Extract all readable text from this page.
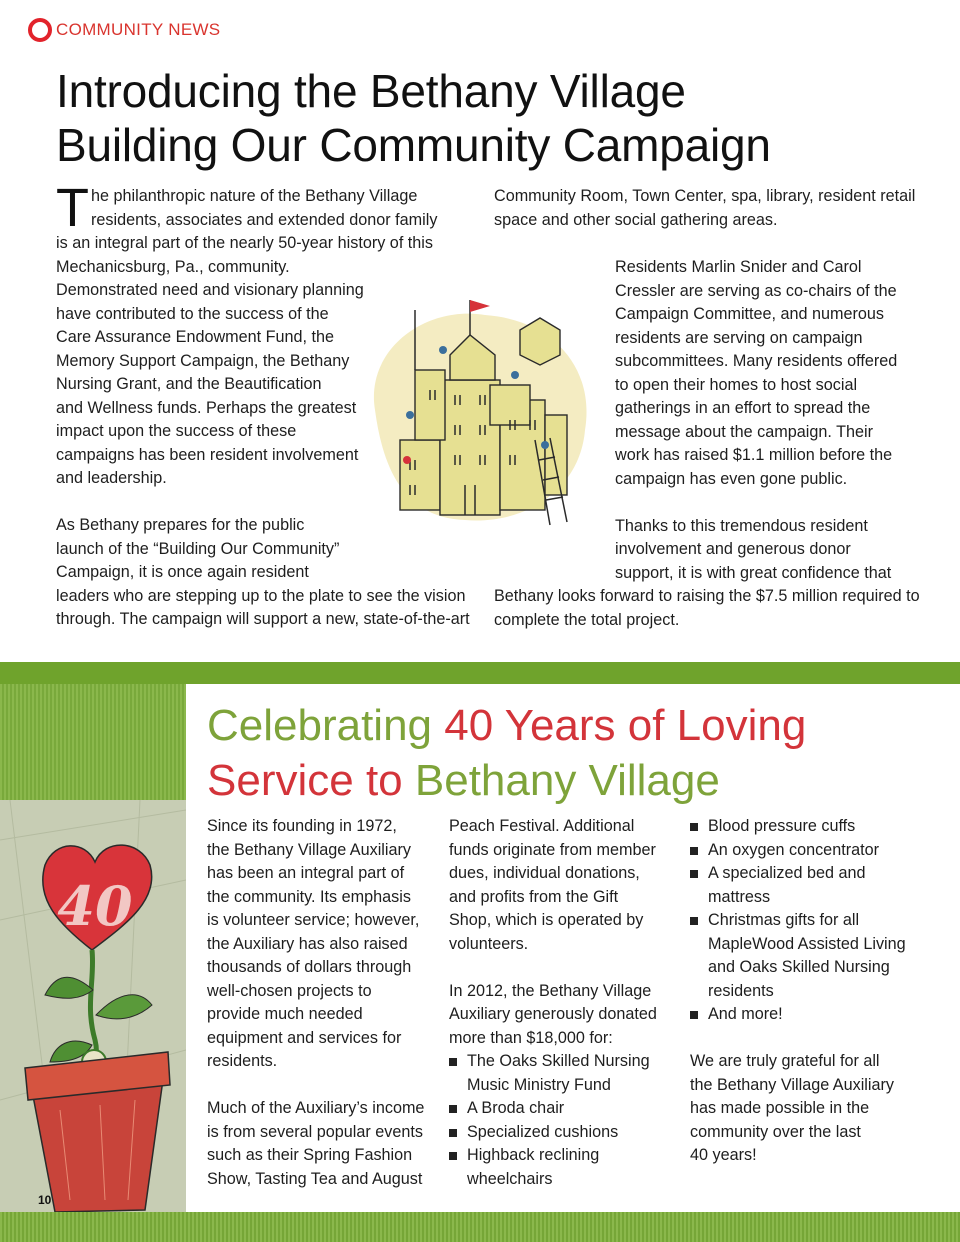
COMMUNITY NEWS
Introducing the Bethany Village
Building Our Community Campaign
T he philanthropic nature of the Bethany Village
residents, associates and extended donor family
is an integral part of the nearly 50-year history of this
Mechanicsburg, Pa., community.
Demonstrated need and visionary planning
have contributed to the success of the
Care Assurance Endowment Fund, the
Memory Support Campaign, the Bethany
Nursing Grant, and the Beautification
and Wellness funds. Perhaps the greatest
impact upon the success of these
campaigns has been resident involvement
and leadership.
As Bethany prepares for the public
launch of the “Building Our Community”
Campaign, it is once again resident
leaders who are stepping up to the plate to see the vision
through. The campaign will support a new, state-of-the-art
Community Room, Town Center, spa, library, resident retail
space and other social gathering areas.
Residents Marlin Snider and Carol
Cressler are serving as co-chairs of the
Campaign Committee, and numerous
residents are serving on campaign
subcommittees. Many residents offered
to open their homes to host social
gatherings in an effort to spread the
message about the campaign. Their
work has raised $1.1 million before the
campaign has even gone public.
Thanks to this tremendous resident
involvement and generous donor
support, it is with great confidence that
Bethany looks forward to raising the $7.5 million required to
complete the total project.
Celebrating 40 Years of Loving
Service to Bethany Village
40
Since its founding in 1972,
the Bethany Village Auxiliary
has been an integral part of
the community. Its emphasis
is volunteer service; however,
the Auxiliary has also raised
thousands of dollars through
well-chosen projects to
provide much needed
equipment and services for
residents.
Much of the Auxiliary’s income
is from several popular events
such as their Spring Fashion
Show, Tasting Tea and August
Peach Festival. Additional
funds originate from member
dues, individual donations,
and profits from the Gift
Shop, which is operated by
volunteers.
In 2012, the Bethany Village
Auxiliary generously donated
more than $18,000 for:
The Oaks Skilled Nursing
Music Ministry Fund
A Broda chair
Specialized cushions
Highback reclining
wheelchairs
Blood pressure cuffs
An oxygen concentrator
A specialized bed and
mattress
Christmas gifts for all
MapleWood Assisted Living
and Oaks Skilled Nursing
residents
And more!
We are truly grateful for all
the Bethany Village Auxiliary
has made possible in the
community over the last
40 years!
10
